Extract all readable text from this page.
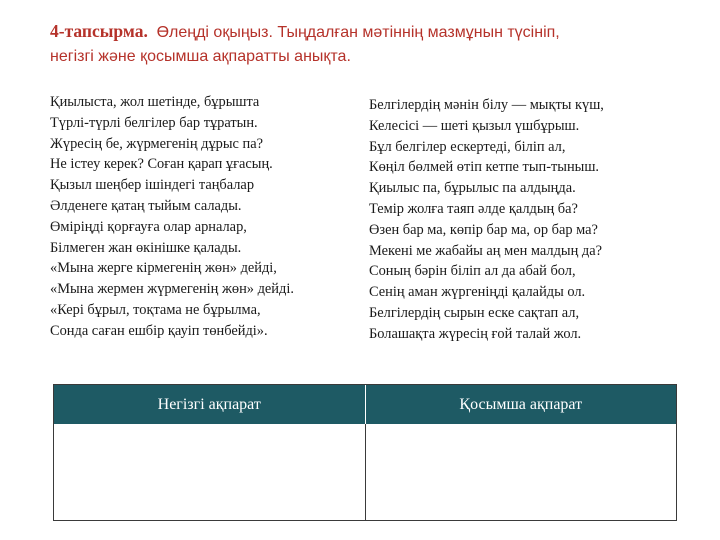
4-тапсырма. Өлеңді оқыңыз. Тыңдалған мәтіннің мазмұнын түсініп,
негізгі және қосымша ақпаратты анықта.
Қиылыста, жол шетінде, бұрышта
Түрлі-түрлі белгілер бар тұратын.
Жүресің бе, жүрмегенің дұрыс па?
Не істеу керек? Соған қарап ұғасың.
Қызыл шеңбер ішіндегі таңбалар
Әлденеге қатаң тыйым салады.
Өміріңді қорғауға олар арналар,
Білмеген жан өкінішке қалады.
«Мына жерге кірмегенің жөн» дейді,
«Мына жермен жүрмегенің жөн» дейді.
«Кері бұрыл, тоқтама не бұрылма,
Сонда саған ешбір қауіп төнбейді».
Белгілердің мәнін білу — мықты күш,
Келесісі — шеті қызыл үшбұрыш.
Бұл белгілер ескертеді, біліп ал,
Көңіл бөлмей өтіп кетпе тып-тыныш.
Қиылыс па, бұрылыс па алдыңда.
Темір жолға таяп әлде қалдың ба?
Өзен бар ма, көпір бар ма, ор бар ма?
Мекені ме жабайы аң мен малдың да?
Соның бәрін біліп ал да абай бол,
Сенің аман жүргеніңді қалайды ол.
Белгілердің сырын еске сақтап ал,
Болашақта жүресің ғой талай жол.
Негізгі ақпарат	Қосымша ақпарат
